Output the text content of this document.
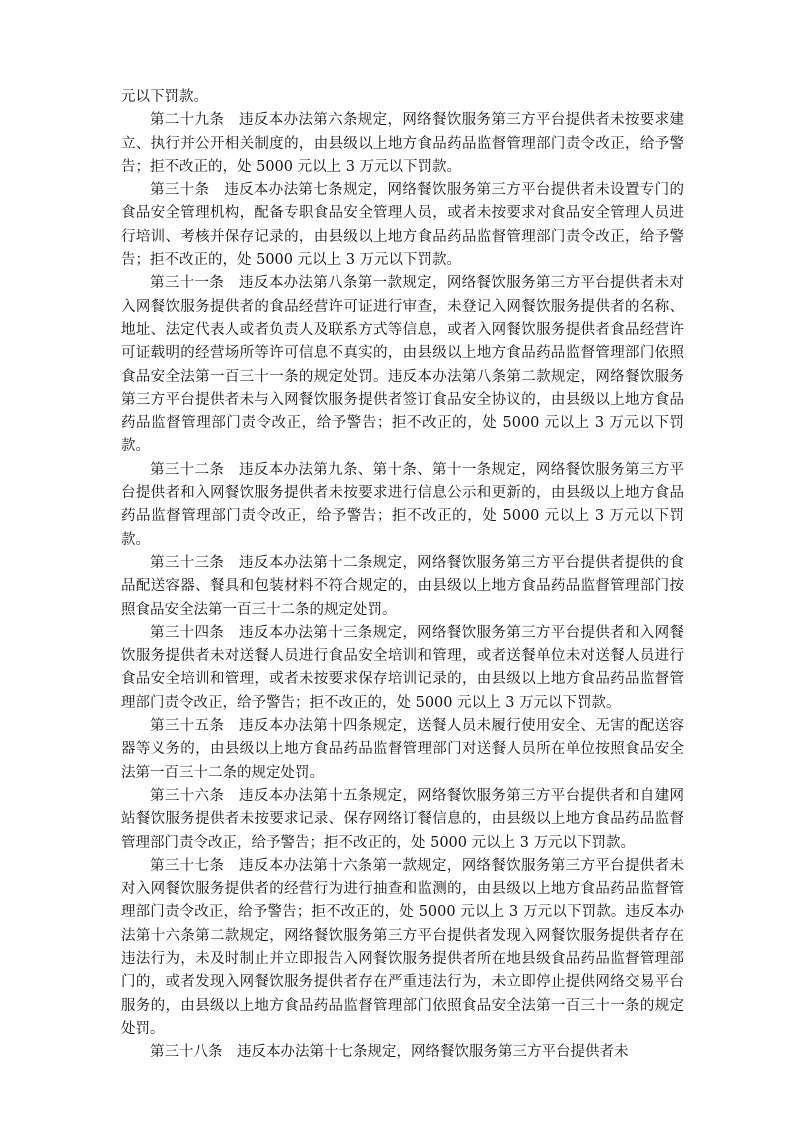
元以下罚款。

第二十九条　违反本办法第六条规定，网络餐饮服务第三方平台提供者未按要求建立、执行并公开相关制度的，由县级以上地方食品药品监督管理部门责令改正，给予警告；拒不改正的，处 5000 元以上 3 万元以下罚款。

第三十条　违反本办法第七条规定，网络餐饮服务第三方平台提供者未设置专门的食品安全管理机构，配备专职食品安全管理人员，或者未按要求对食品安全管理人员进行培训、考核并保存记录的，由县级以上地方食品药品监督管理部门责令改正，给予警告；拒不改正的，处 5000 元以上 3 万元以下罚款。

第三十一条　违反本办法第八条第一款规定，网络餐饮服务第三方平台提供者未对入网餐饮服务提供者的食品经营许可证进行审查，未登记入网餐饮服务提供者的名称、地址、法定代表人或者负责人及联系方式等信息，或者入网餐饮服务提供者食品经营许可证载明的经营场所等许可信息不真实的，由县级以上地方食品药品监督管理部门依照食品安全法第一百三十一条的规定处罚。违反本办法第八条第二款规定，网络餐饮服务第三方平台提供者未与入网餐饮服务提供者签订食品安全协议的，由县级以上地方食品药品监督管理部门责令改正，给予警告；拒不改正的，处 5000 元以上 3 万元以下罚款。

第三十二条　违反本办法第九条、第十条、第十一条规定，网络餐饮服务第三方平台提供者和入网餐饮服务提供者未按要求进行信息公示和更新的，由县级以上地方食品药品监督管理部门责令改正，给予警告；拒不改正的，处 5000 元以上 3 万元以下罚款。

第三十三条　违反本办法第十二条规定，网络餐饮服务第三方平台提供者提供的食品配送容器、餐具和包装材料不符合规定的，由县级以上地方食品药品监督管理部门按照食品安全法第一百三十二条的规定处罚。

第三十四条　违反本办法第十三条规定，网络餐饮服务第三方平台提供者和入网餐饮服务提供者未对送餐人员进行食品安全培训和管理，或者送餐单位未对送餐人员进行食品安全培训和管理，或者未按要求保存培训记录的，由县级以上地方食品药品监督管理部门责令改正，给予警告；拒不改正的，处 5000 元以上 3 万元以下罚款。

第三十五条　违反本办法第十四条规定，送餐人员未履行使用安全、无害的配送容器等义务的，由县级以上地方食品药品监督管理部门对送餐人员所在单位按照食品安全法第一百三十二条的规定处罚。

第三十六条　违反本办法第十五条规定，网络餐饮服务第三方平台提供者和自建网站餐饮服务提供者未按要求记录、保存网络订餐信息的，由县级以上地方食品药品监督管理部门责令改正，给予警告；拒不改正的，处 5000 元以上 3 万元以下罚款。

第三十七条　违反本办法第十六条第一款规定，网络餐饮服务第三方平台提供者未对入网餐饮服务提供者的经营行为进行抽查和监测的，由县级以上地方食品药品监督管理部门责令改正，给予警告；拒不改正的，处 5000 元以上 3 万元以下罚款。违反本办法第十六条第二款规定，网络餐饮服务第三方平台提供者发现入网餐饮服务提供者存在违法行为，未及时制止并立即报告入网餐饮服务提供者所在地县级食品药品监督管理部门的，或者发现入网餐饮服务提供者存在严重违法行为，未立即停止提供网络交易平台服务的，由县级以上地方食品药品监督管理部门依照食品安全法第一百三十一条的规定处罚。

第三十八条　违反本办法第十七条规定，网络餐饮服务第三方平台提供者未
